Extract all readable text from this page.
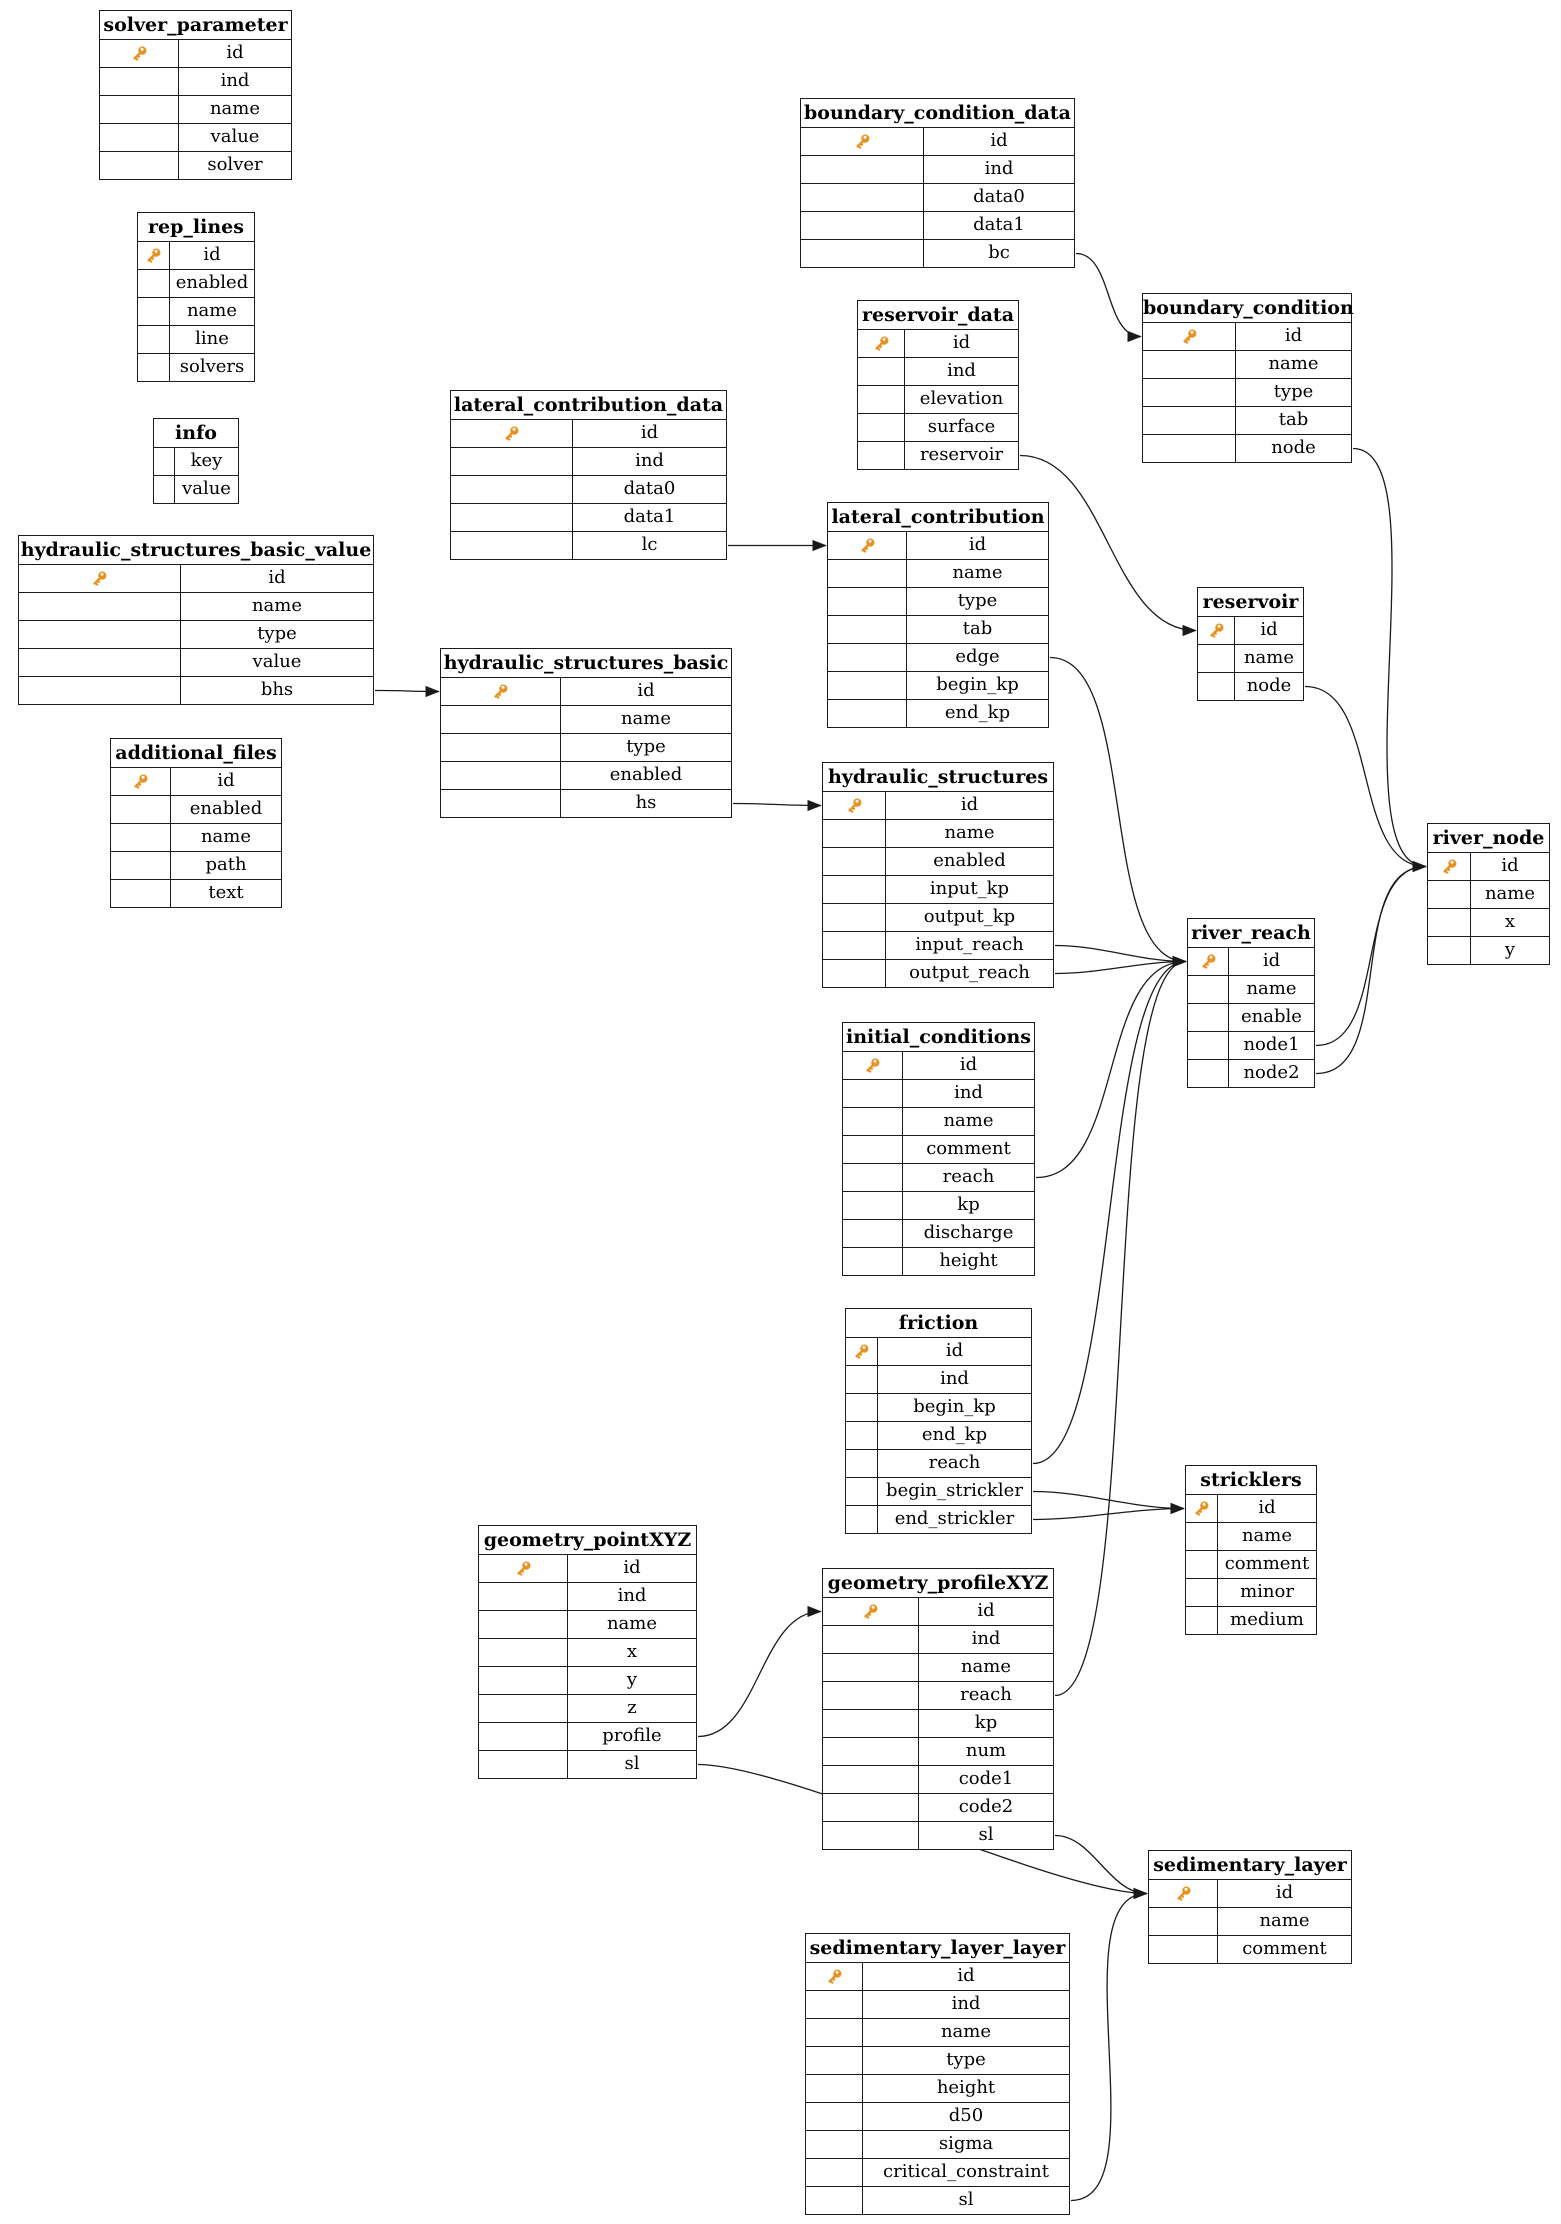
solver_parameter
id
ind
name
value
solver
rep_lines
id
enabled
name
line
solvers
info
key
value
hydraulic_structures_basic_value
id
name
type
value
bhs
additional_files
id
enabled
name
path
text
lateral_contribution_data
id
ind
data0
data1
lc
hydraulic_structures_basic
id
name
type
enabled
hs
boundary_condition_data
id
ind
data0
data1
bc
reservoir_data
id
ind
elevation
surface
reservoir
lateral_contribution
id
name
type
tab
edge
begin_kp
end_kp
hydraulic_structures
id
name
enabled
input_kp
output_kp
input_reach
output_reach
initial_conditions
id
ind
name
comment
reach
kp
discharge
height
friction
id
ind
begin_kp
end_kp
reach
begin_strickler
end_strickler
geometry_pointXYZ
id
ind
name
x
y
z
profile
sl
geometry_profileXYZ
id
ind
name
reach
kp
num
code1
code2
sl
sedimentary_layer_layer
id
ind
name
type
height
d50
sigma
critical_constraint
sl
boundary_condition
id
name
type
tab
node
reservoir
id
name
node
river_reach
id
name
enable
node1
node2
river_node
id
name
x
y
stricklers
id
name
comment
minor
medium
sedimentary_layer
id
name
comment
